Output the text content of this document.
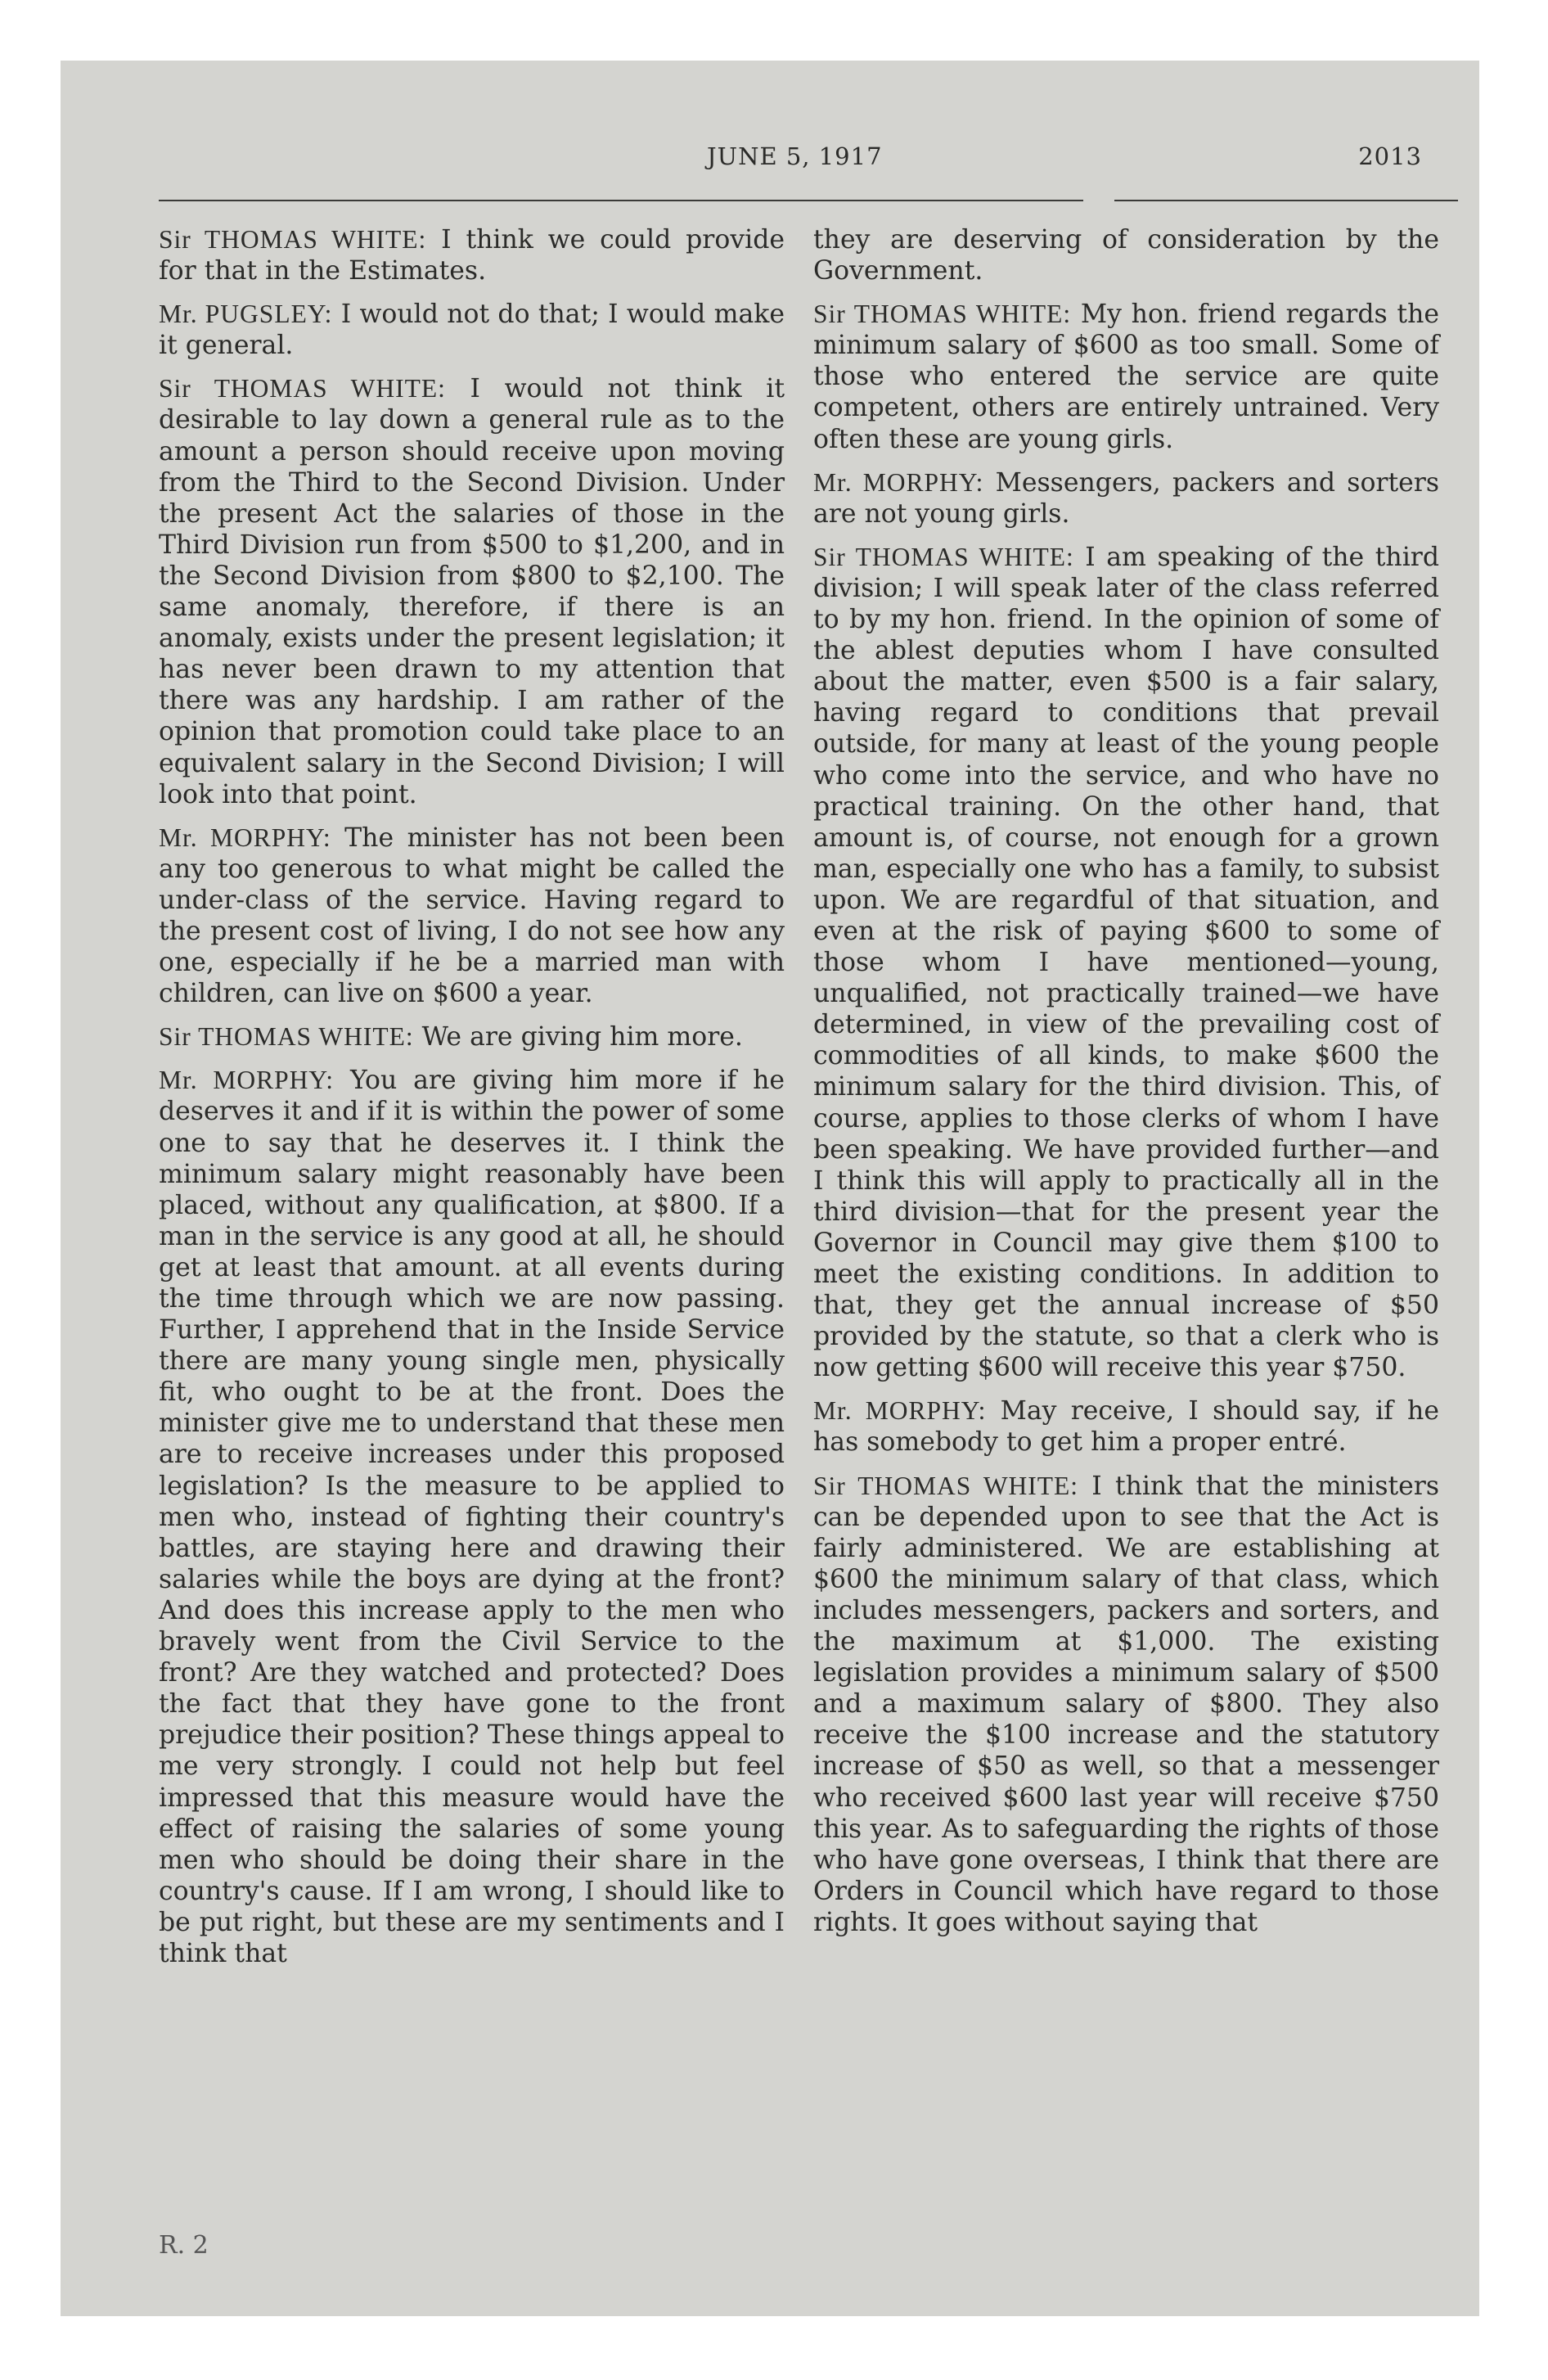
JUNE 5, 1917	2013

Sir THOMAS WHITE : I think we could provide for that in the Estimates.

Mr. PUGSLEY : I would not do that; I would make it general.

Sir THOMAS WHITE : I would not think it desirable to lay down a general rule as to the amount a person should receive upon moving from the Third to the Second Division. Under the present Act the salaries of those in the Third Division run from $500 to $1,200, and in the Second Division from $800 to $2,100. The same anomaly, therefore, if there is an anomaly, exists under the present legislation; it has never been drawn to my attention that there was any hardship. I am rather of the opinion that promotion could take place to an equivalent salary in the Second Division; I will look into that point.

Mr. MORPHY : The minister has not been been any too generous to what might be called the under-class of the service. Having regard to the present cost of living, I do not see how any one, especially if he be a married man with children, can live on $600 a year.

Sir THOMAS WHITE : We are giving him more.

Mr. MORPHY : You are giving him more if he deserves it and if it is within the power of some one to say that he deserves it. I think the minimum salary might reasonably have been placed, without any qualification, at $800. If a man in the service is any good at all, he should get at least that amount. at all events during the time through which we are now passing. Further, I apprehend that in the Inside Service there are many young single men, physically fit, who ought to be at the front. Does the minister give me to understand that these men are to receive increases under this proposed legislation? Is the measure to be applied to men who, instead of fighting their country's battles, are staying here and drawing their salaries while the boys are dying at the front? And does this increase apply to the men who bravely went from the Civil Service to the front? Are they watched and protected? Does the fact that they have gone to the front prejudice their position? These things appeal to me very strongly. I could not help but feel impressed that this measure would have the effect of raising the salaries of some young men who should be doing their share in the country's cause. If I am wrong, I should like to be put right, but these are my sentiments and I think that

they are deserving of consideration by the Government.

Sir THOMAS WHITE : My hon. friend regards the minimum salary of $600 as too small. Some of those who entered the service are quite competent, others are entirely untrained. Very often these are young girls.

Mr. MORPHY : Messengers, packers and sorters are not young girls.

Sir THOMAS WHITE : I am speaking of the third division; I will speak later of the class referred to by my hon. friend. In the opinion of some of the ablest deputies whom I have consulted about the matter, even $500 is a fair salary, having regard to conditions that prevail outside, for many at least of the young people who come into the service, and who have no practical training. On the other hand, that amount is, of course, not enough for a grown man, especially one who has a family, to subsist upon. We are regardful of that situation, and even at the risk of paying $600 to some of those whom I have mentioned—young, unqualified, not practically trained—we have determined, in view of the prevailing cost of commodities of all kinds, to make $600 the minimum salary for the third division. This, of course, applies to those clerks of whom I have been speaking. We have provided further—and I think this will apply to practically all in the third division—that for the present year the Governor in Council may give them $100 to meet the existing conditions. In addition to that, they get the annual increase of $50 provided by the statute, so that a clerk who is now getting $600 will receive this year $750.

Mr. MORPHY : May receive, I should say, if he has somebody to get him a proper entré.

Sir THOMAS WHITE : I think that the ministers can be depended upon to see that the Act is fairly administered. We are establishing at $600 the minimum salary of that class, which includes messengers, packers and sorters, and the maximum at $1,000. The existing legislation provides a minimum salary of $500 and a maximum salary of $800. They also receive the $100 increase and the statutory increase of $50 as well, so that a messenger who received $600 last year will receive $750 this year. As to safeguarding the rights of those who have gone overseas, I think that there are Orders in Council which have regard to those rights. It goes without saying that

R. 2
